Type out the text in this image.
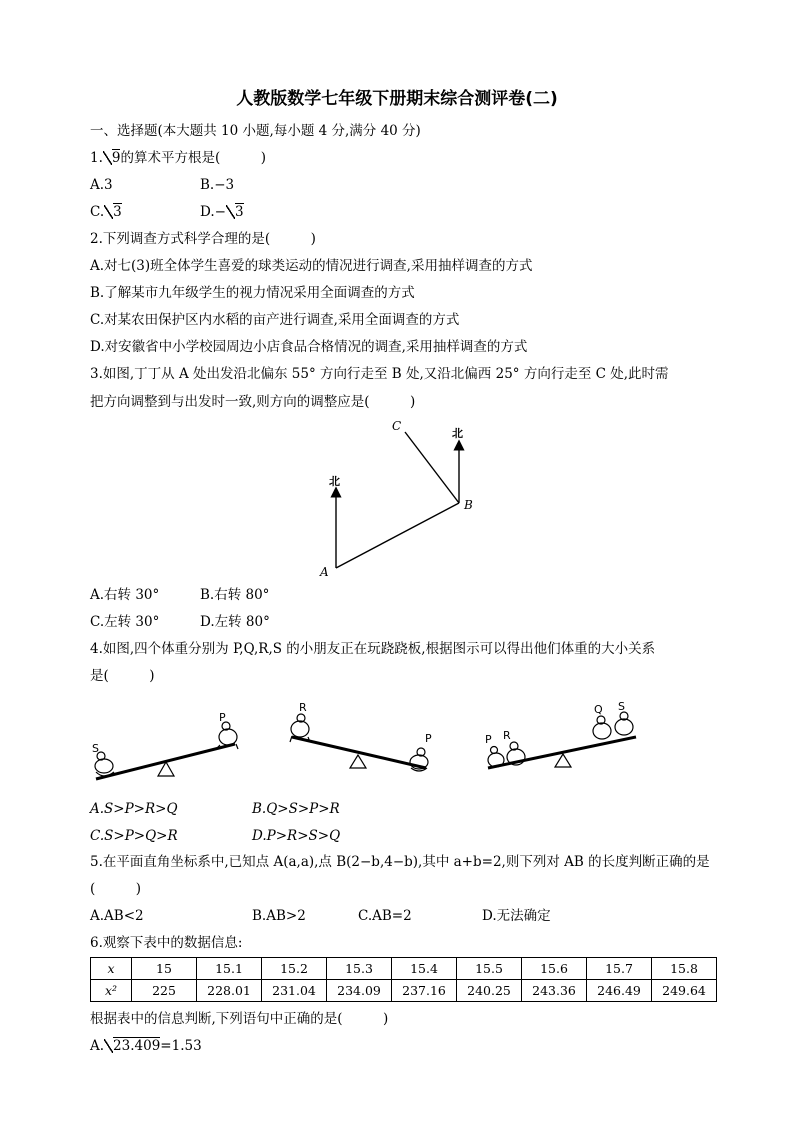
人教版数学七年级下册期末综合测评卷(二)
一、选择题(本大题共 10 小题,每小题 4 分,满分 40 分)
1. 9的算术平方根是(　　　)
A.3	B.−3
C. 3	D.− 3
2.下列调查方式科学合理的是(　　　)
A.对七(3)班全体学生喜爱的球类运动的情况进行调查,采用抽样调查的方式
B.了解某市九年级学生的视力情况采用全面调查的方式
C.对某农田保护区内水稻的亩产进行调查,采用全面调查的方式
D.对安徽省中小学校园周边小店食品合格情况的调查,采用抽样调查的方式
3.如图,丁丁从 A 处出发沿北偏东 55° 方向行走至 B 处,又沿北偏西 25° 方向行走至 C 处,此时需
把方向调整到与出发时一致,则方向的调整应是(　　　)
北
北
A
B
C
A.右转 30°	B.右转 80°
C.左转 30°	D.左转 80°
4.如图,四个体重分别为 P,Q,R,S 的小朋友正在玩跷跷板,根据图示可以得出他们体重的大小关系
是(　　　)
S
P
R
P	P R
Q S
A.S>P>R>Q	B.Q>S>P>R
C.S>P>Q>R	D.P>R>S>Q
5.在平面直角坐标系中,已知点 A(a,a),点 B(2−b,4−b),其中 a+b=2,则下列对 AB 的长度判断正确的是
(　　　)
A.AB<2	B.AB>2	C.AB=2	D.无法确定
6.观察下表中的数据信息:
x	15	15.1	15.2	15.3	15.4	15.5	15.6	15.7	15.8
x²	225	228.01	231.04	234.09	237.16	240.25	243.36	246.49	249.64
根据表中的信息判断,下列语句中正确的是(　　　)
A. 23.409=1.53
